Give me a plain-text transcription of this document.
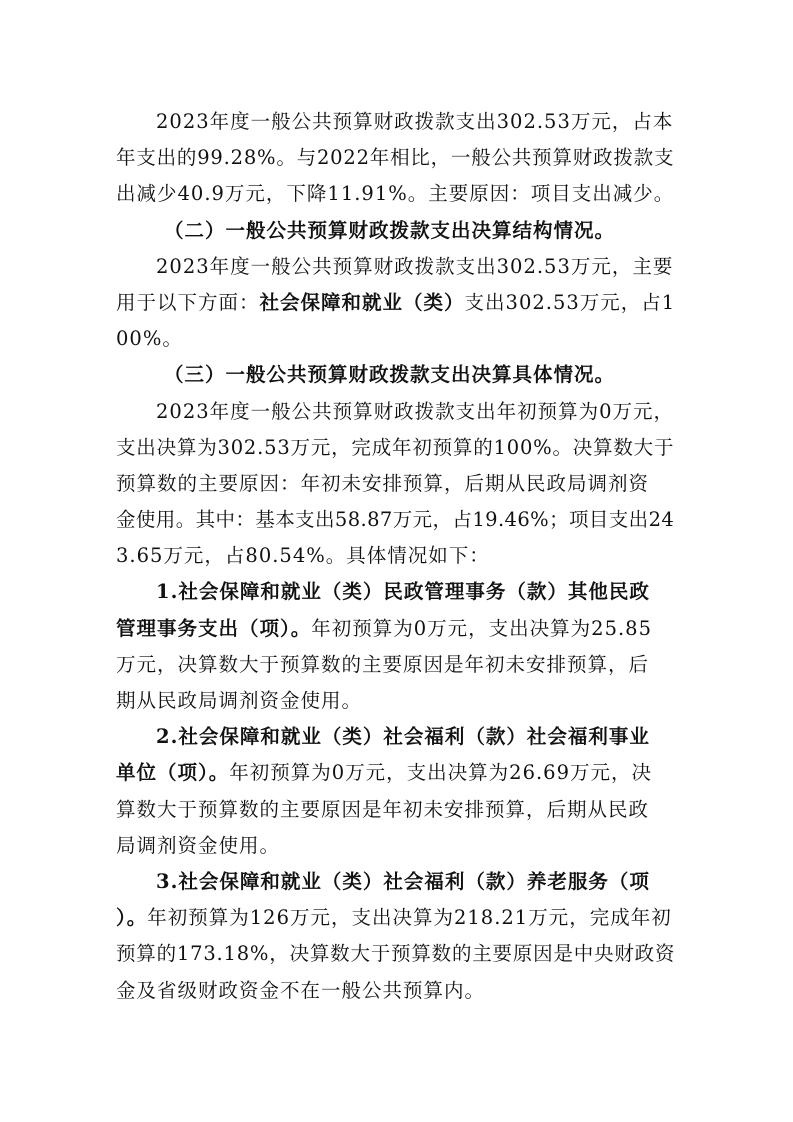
2023年度一般公共预算财政拨款支出302.53万元，占本
年支出的99.28%。与2022年相比，一般公共预算财政拨款支
出减少40.9万元，下降11.91%。主要原因：项目支出减少。
（二）一般公共预算财政拨款支出决算结构情况。
2023年度一般公共预算财政拨款支出302.53万元，主要
用于以下方面：社会保障和就业（类）支出302.53万元，占1
00%。
（三）一般公共预算财政拨款支出决算具体情况。
2023年度一般公共预算财政拨款支出年初预算为0万元，
支出决算为302.53万元，完成年初预算的100%。决算数大于
预算数的主要原因：年初未安排预算，后期从民政局调剂资
金使用。其中：基本支出58.87万元，占19.46%；项目支出24
3.65万元，占80.54%。具体情况如下：
1.社会保障和就业（类）民政管理事务（款）其他民政
管理事务支出（项）。年初预算为0万元，支出决算为25.85
万元，决算数大于预算数的主要原因是年初未安排预算，后
期从民政局调剂资金使用。
2.社会保障和就业（类）社会福利（款）社会福利事业
单位（项）。年初预算为0万元，支出决算为26.69万元，决
算数大于预算数的主要原因是年初未安排预算，后期从民政
局调剂资金使用。
3.社会保障和就业（类）社会福利（款）养老服务（项
）。年初预算为126万元，支出决算为218.21万元，完成年初
预算的173.18%，决算数大于预算数的主要原因是中央财政资
金及省级财政资金不在一般公共预算内。
